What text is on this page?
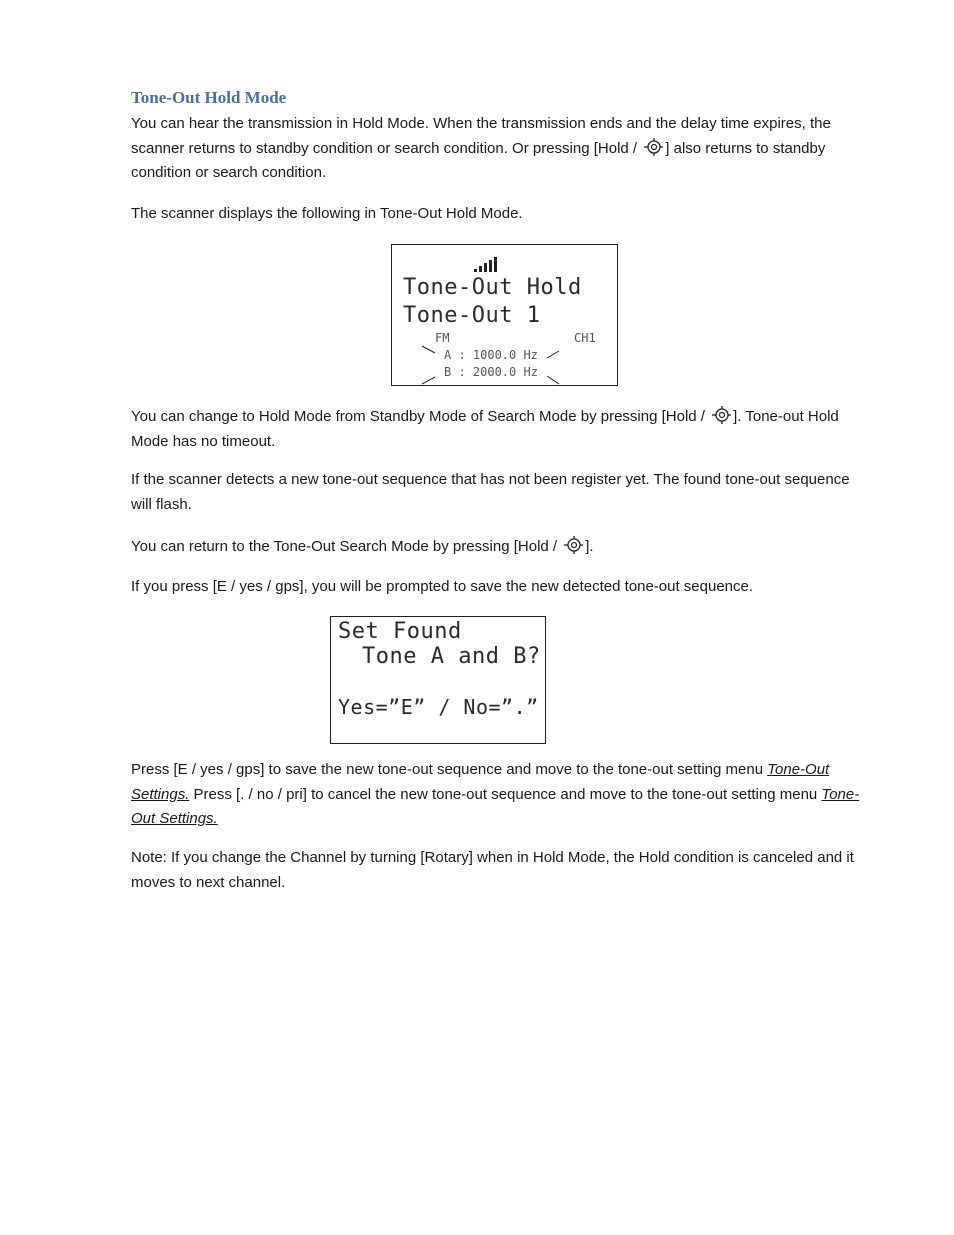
Tone-Out Hold Mode

You can hear the transmission in Hold Mode. When the transmission ends and the delay time expires, the scanner returns to standby condition or search condition. Or pressing [Hold / ] also returns to standby condition or search condition.

The scanner displays the following in Tone-Out Hold Mode.

Tone-Out Hold
Tone-Out 1
FM	CH1
A : 1000.0 Hz
B : 2000.0 Hz

You can change to Hold Mode from Standby Mode of Search Mode by pressing [Hold / ]. Tone-out Hold Mode has no timeout.

If the scanner detects a new tone-out sequence that has not been register yet. The found tone-out sequence will flash.

You can return to the Tone-Out Search Mode by pressing [Hold / ].

If you press [E / yes / gps], you will be prompted to save the new detected tone-out sequence.

Set Found
Tone A and B?
Yes=”E” / No=”.”

Press [E / yes / gps] to save the new tone-out sequence and move to the tone-out setting menu Tone-Out Settings. Press [. / no / pri] to cancel the new tone-out sequence and move to the tone-out setting menu Tone-Out Settings.

Note: If you change the Channel by turning [Rotary] when in Hold Mode, the Hold condition is canceled and it moves to next channel.
